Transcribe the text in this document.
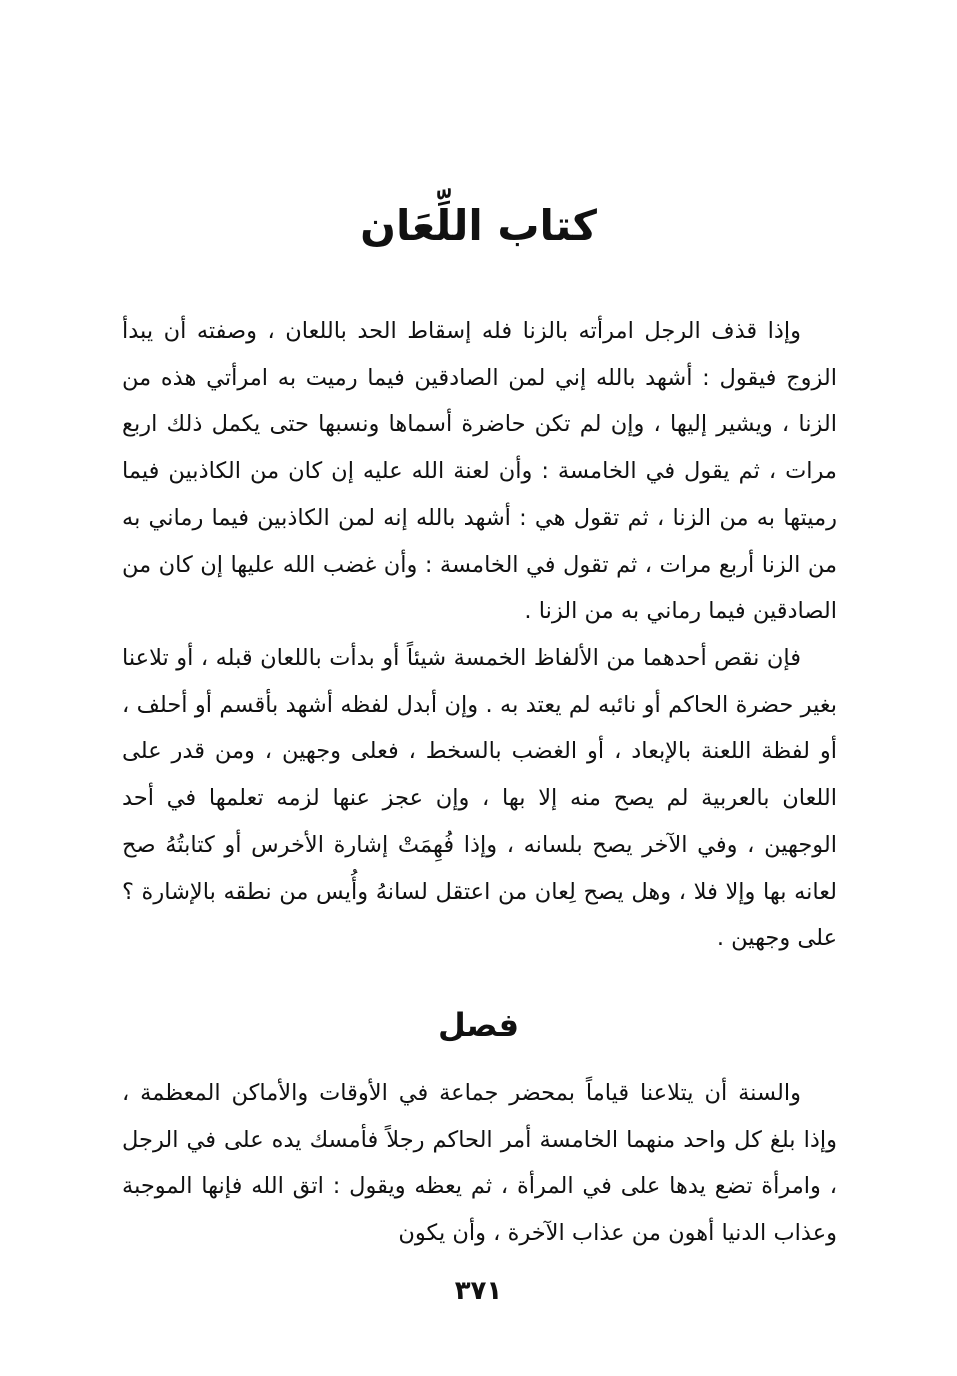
كتاب اللِّعَان

وإذا قذف الرجل امرأته بالزنا فله إسقاط الحد باللعان ، وصفته أن يبدأ الزوج فيقول : أشهد بالله إني لمن الصادقين فيما رميت به امرأتي هذه من الزنا ، ويشير إليها ، وإن لم تكن حاضرة أسماها ونسبها حتى يكمل ذلك اربع مرات ، ثم يقول في الخامسة : وأن لعنة الله عليه إن كان من الكاذبين فيما رميتها به من الزنا ، ثم تقول هي : أشهد بالله إنه لمن الكاذبين فيما رماني به من الزنا أربع مرات ، ثم تقول في الخامسة : وأن غضب الله عليها إن كان من الصادقين فيما رماني به من الزنا .

فإن نقص أحدهما من الألفاظ الخمسة شيئاً أو بدأت باللعان قبله ، أو تلاعنا بغير حضرة الحاكم أو نائبه لم يعتد به . وإن أبدل لفظه أشهد بأقسم أو أحلف ، أو لفظة اللعنة بالإبعاد ، أو الغضب بالسخط ، فعلى وجهين ، ومن قدر على اللعان بالعربية لم يصح منه إلا بها ، وإن عجز عنها لزمه تعلمها في أحد الوجهين ، وفي الآخر يصح بلسانه ، وإذا فُهِمَتْ إشارة الأخرس أو كتابتُهُ صح لعانه بها وإلا فلا ، وهل يصح لِعان من اعتقل لسانهُ وأُيس من نطقه بالإشارة ؟ على وجهين .

فصل

والسنة أن يتلاعنا قياماً بمحضر جماعة في الأوقات والأماكن المعظمة ، وإذا بلغ كل واحد منهما الخامسة أمر الحاكم رجلاً فأمسك يده على في الرجل ، وامرأة تضع يدها على في المرأة ، ثم يعظه ويقول : اتق الله فإنها الموجبة وعذاب الدنيا أهون من عذاب الآخرة ، وأن يكون

٣٧١
